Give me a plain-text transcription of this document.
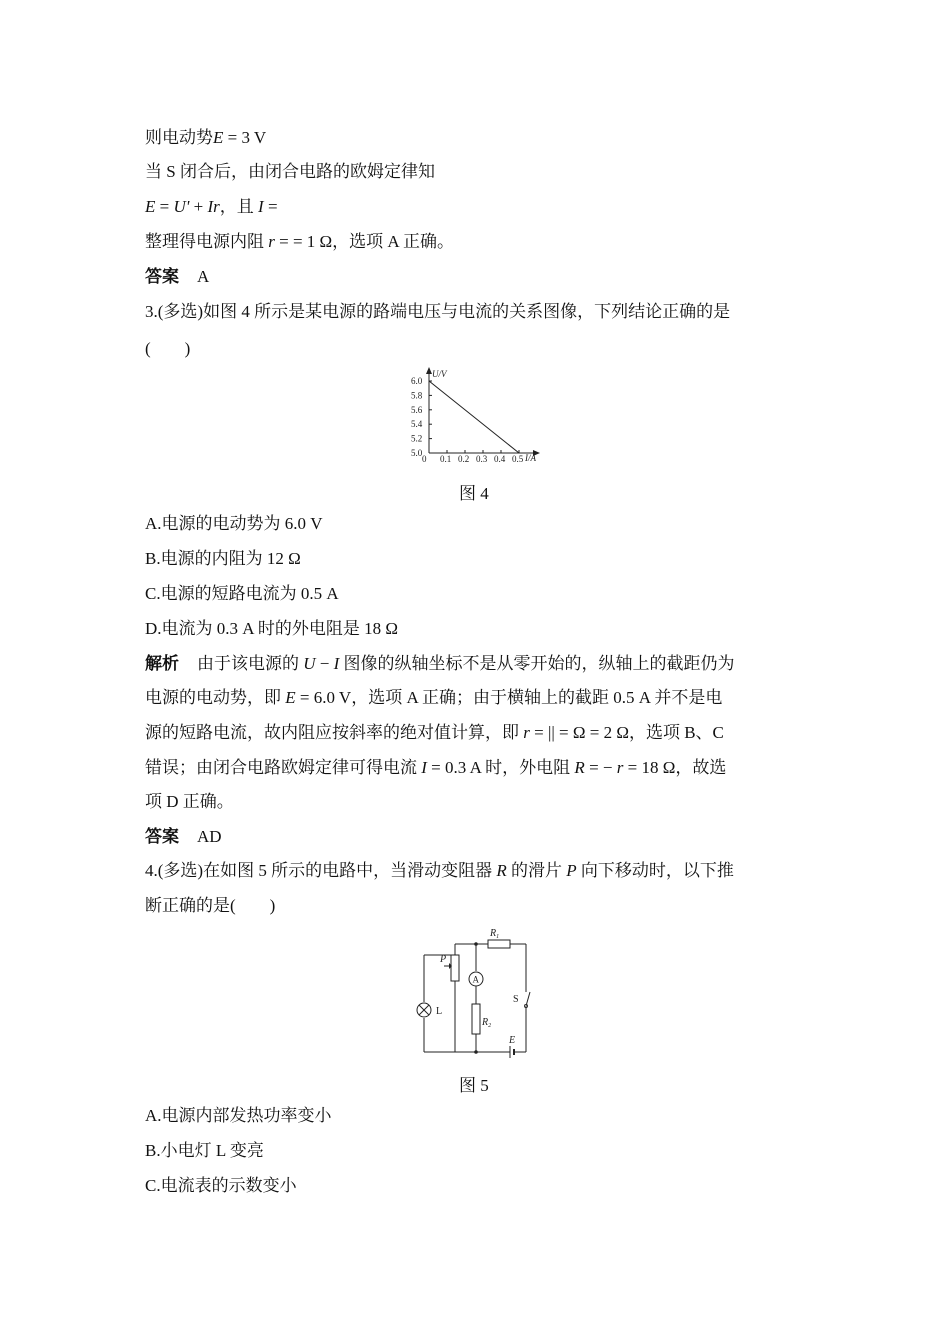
则电动势E = 3 V
当 S 闭合后，由闭合电路的欧姆定律知
E = U' + Ir，且 I =
整理得电源内阻 r = = 1 Ω，选项 A 正确。
答案 A
3.(多选)如图 4 所示是某电源的路端电压与电流的关系图像，下列结论正确的是
(　　)
6.0
5.8
5.6
5.4
5.2
5.0
0.1 0.2 0.3 0.4 0.5
U/V
I/A
0
图 4
A.电源的电动势为 6.0 V
B.电源的内阻为 12 Ω
C.电源的短路电流为 0.5 A
D.电流为 0.3 A 时的外电阻是 18 Ω
解析 由于该电源的 U − I 图像的纵轴坐标不是从零开始的，纵轴上的截距仍为
电源的电动势，即 E = 6.0 V，选项 A 正确；由于横轴上的截距 0.5 A 并不是电
源的短路电流，故内阻应按斜率的绝对值计算，即 r = || = Ω = 2 Ω，选项 B、C
错误；由闭合电路欧姆定律可得电流 I = 0.3 A 时，外电阻 R = − r = 18 Ω，故选
项 D 正确。
答案 AD
4.(多选)在如图 5 所示的电路中，当滑动变阻器 R 的滑片 P 向下移动时，以下推
断正确的是(　　)
$R_1$
$R_2$
P
A
L
S
E
图 5
A.电源内部发热功率变小
B.小电灯 L 变亮
C.电流表的示数变小
